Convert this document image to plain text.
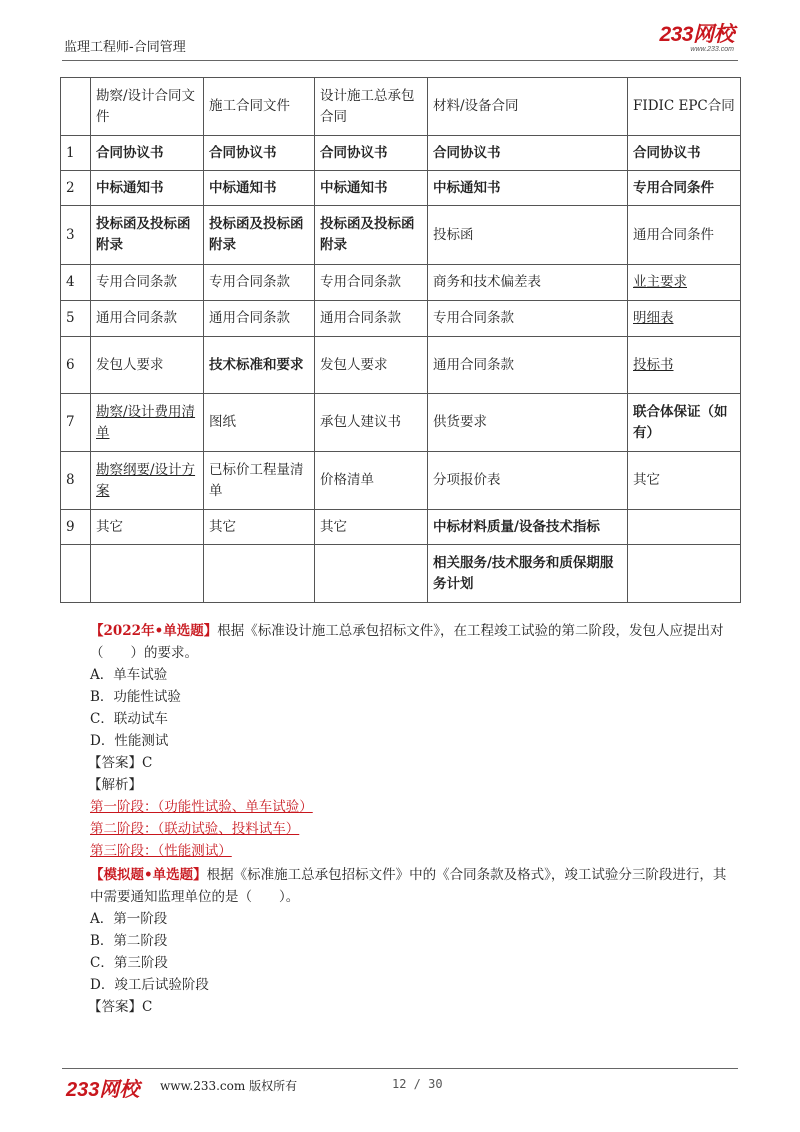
监理工程师-合同管理
233网校
www.233.com
	勘察/设计合同文件	施工合同文件	设计施工总承包合同	材料/设备合同	FIDIC EPC合同
1	合同协议书	合同协议书	合同协议书	合同协议书	合同协议书
2	中标通知书	中标通知书	中标通知书	中标通知书	专用合同条件
3	投标函及投标函附录	投标函及投标函附录	投标函及投标函附录	投标函	通用合同条件
4	专用合同条款	专用合同条款	专用合同条款	商务和技术偏差表	业主要求
5	通用合同条款	通用合同条款	通用合同条款	专用合同条款	明细表
6	发包人要求	技术标准和要求	发包人要求	通用合同条款	投标书
7	勘察/设计费用清单	图纸	承包人建议书	供货要求	联合体保证（如有）
8	勘察纲要/设计方案	已标价工程量清单	价格清单	分项报价表	其它
9	其它	其它	其它	中标材料质量/设备技术指标	
				相关服务/技术服务和质保期服务计划	
【2022年•单选题】根据《标准设计施工总承包招标文件》，在工程竣工试验的第二阶段，发包人应提出对（　　）的要求。
A．单车试验
B．功能性试验
C．联动试车
D．性能测试
【答案】C
【解析】
第一阶段：（功能性试验、单车试验）
第二阶段：（联动试验、投料试车）
第三阶段：（性能测试）
【模拟题•单选题】根据《标准施工总承包招标文件》中的《合同条款及格式》，竣工试验分三阶段进行，其中需要通知监理单位的是（　　）。
A．第一阶段
B．第二阶段
C．第三阶段
D．竣工后试验阶段
【答案】C
233网校 www.233.com 版权所有	12 / 30
